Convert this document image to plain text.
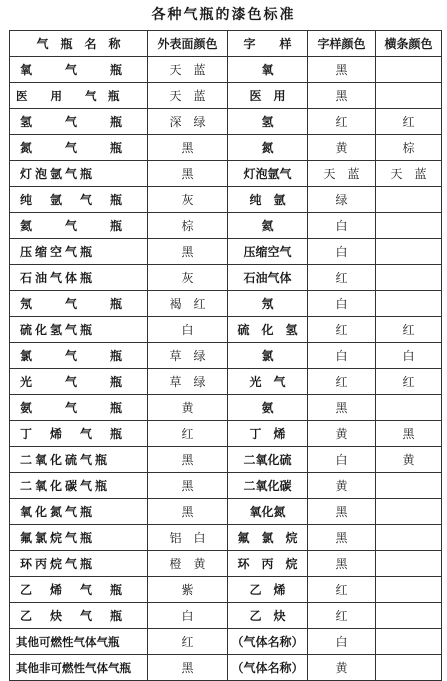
各种气瓶的漆色标准
气　瓶　名　称	外表面颜色	字　　样	字样颜色	横条颜色
氧　　气　　瓶	天　蓝	氧	黑	
医　　用　　气　瓶	天　蓝	医　用	黑	
氢　　气　　瓶	深　绿	氢	红	红
氮　　气　　瓶	黑	氮	黄	棕
灯泡氩气瓶	黑	灯泡氩气	天　蓝	天　蓝
纯　氩　气　瓶	灰	纯　氩	绿	
氦　　气　　瓶	棕	氦	白	
压缩空气瓶	黑	压缩空气	白	
石油气体瓶	灰	石油气体	红	
氖　　气　　瓶	褐　红	氖	白	
硫化氢气瓶	白	硫　化　氢	红	红
氯　　气　　瓶	草　绿	氯	白	白
光　　气　　瓶	草　绿	光　气	红	红
氨　　气　　瓶	黄	氨	黑	
丁　烯　气　瓶	红	丁　烯	黄	黑
二氧化硫气瓶	黑	二氧化硫	白	黄
二氧化碳气瓶	黑	二氧化碳	黄	
氧化氮气瓶	黑	氧化氮	黑	
氟氯烷气瓶	铝　白	氟　氯　烷	黑	
环丙烷气瓶	橙　黄	环　丙　烷	黑	
乙　烯　气　瓶	紫	乙　烯	红	
乙　炔　气　瓶	白	乙　炔	红	
其他可燃性气体气瓶	红	（气体名称）	白	
其他非可燃性气体气瓶	黑	（气体名称）	黄	
